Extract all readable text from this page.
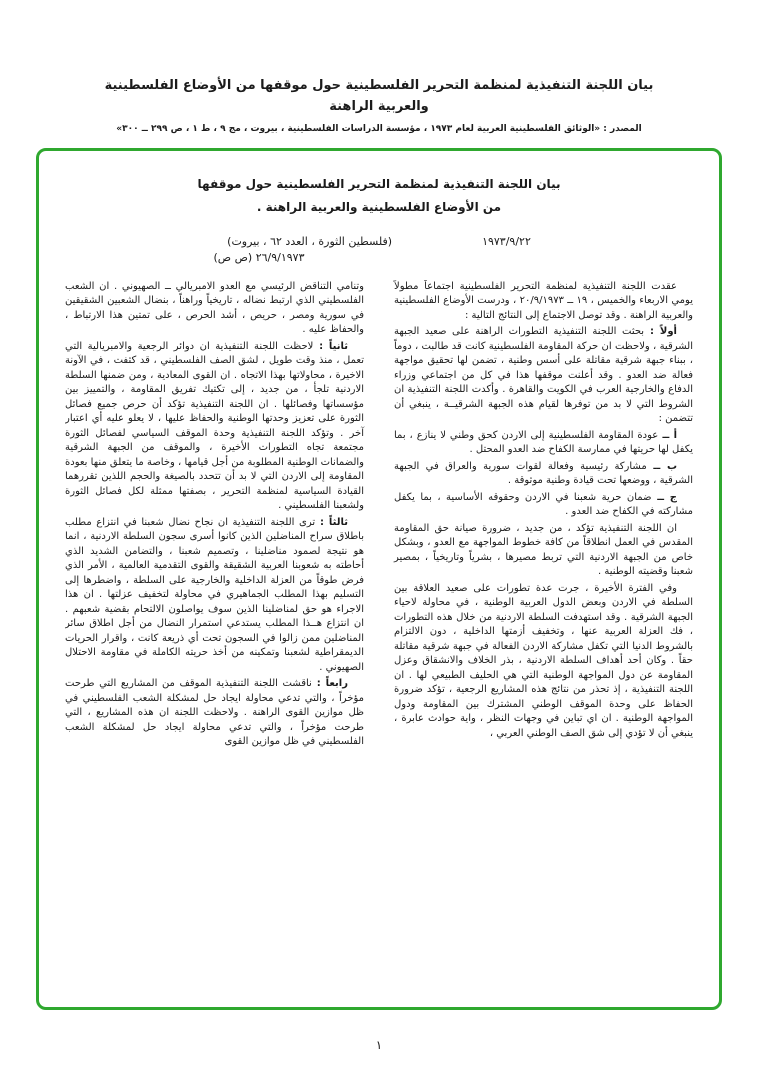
بيان اللجنة التنفيذية لمنظمة التحرير الفلسطينية حول موقفها من الأوضاع الفلسطينية والعربية الراهنة
المصدر : «الوثائق الفلسطينية العربية لعام ١٩٧٣ ، مؤسسة الدراسات الفلسطينية ، بيروت ، مج ٩ ، ط ١ ، ص ٢٩٩ ــ ٣٠٠»
بيان اللجنة التنفيذية لمنظمة التحرير الفلسطينية حول موقفها
من الأوضاع الفلسطينية والعربية الراهنة .
١٩٧٣/٩/٢٢
(فلسطين الثورة ، العدد ٦٢ ، بيروت)
٢٦/٩/١٩٧٣ (ص ص)

عقدت اللجنة التنفيذية لمنظمة التحرير الفلسطينية اجتماعاً مطولاً يومي الاربعاء والخميس ، ١٩ ــ ٢٠/٩/١٩٧٣ ، ودرست الأوضاع الفلسطينية والعربية الراهنة . وقد توصل الاجتماع إلى النتائج التالية :

أولاً : بحثت اللجنة التنفيذية التطورات الراهنة على صعيد الجبهة الشرقية ، ولاحظت ان حركة المقاومة الفلسطينية كانت قد طالبت ، دوماً ، ببناء جبهة شرقية مقاتلة على أسس وطنية ، تضمن لها تحقيق مواجهة فعالة ضد العدو . وقد أعلنت موقفها هذا في كل من اجتماعي وزراء الدفاع والخارجية العرب في الكويت والقاهرة . وأكدت اللجنة التنفيذية ان الشروط التي لا بد من توفرها لقيام هذه الجبهة الشرقيــة ، ينبغي أن تتضمن :

أ ــ عودة المقاومة الفلسطينية إلى الاردن كحق وطني لا ينازع ، بما يكفل لها حريتها في ممارسة الكفاح ضد العدو المحتل .

ب ــ مشاركة رئيسية وفعالة لقوات سورية والعراق في الجبهة الشرقية ، ووضعها تحت قيادة وطنية موثوقة .

ج ــ ضمان حرية شعبنا في الاردن وحقوقه الأساسية ، بما يكفل مشاركته في الكفاح ضد العدو .

ان اللجنة التنفيذية تؤكد ، من جديد ، ضرورة صيانة حق المقاومة المقدس في العمل انطلاقاً من كافة خطوط المواجهة مع العدو ، وبشكل خاص من الجبهة الاردنية التي تربط مصيرها ، بشرياً وتاريخياً ، بمصير شعبنا وقضيته الوطنية .

وفي الفترة الأخيرة ، جرت عدة تطورات على صعيد العلاقة بين السلطة في الاردن وبعض الدول العربية الوطنية ، في محاولة لاحياء الجبهة الشرقية . وقد استهدفت السلطة الاردنية من خلال هذه التطورات ، فك العزلة العربية عنها ، وتخفيف أزمتها الداخلية ، دون الالتزام بالشروط الدنيا التي تكفل مشاركة الاردن الفعالة في جبهة شرقية مقاتلة حقاً . وكان أحد أهداف السلطة الاردنية ، بذر الخلاف والانشقاق وعزل المقاومة عن دول المواجهة الوطنية التي هي الحليف الطبيعي لها . ان اللجنة التنفيذية ، إذ تحذر من نتائج هذه المشاريع الرجعية ، تؤكد ضرورة الحفاظ على وحدة الموقف الوطني المشترك بين المقاومة ودول المواجهة الوطنية . ان اي تباين في وجهات النظر ، واية حوادث عابرة ، ينبغي أن لا تؤدي إلى شق الصف الوطني العربي ،

وتنامي التناقض الرئيسي مع العدو الامبريالي ــ الصهيوني . ان الشعب الفلسطيني الذي ارتبط نضاله ، تاريخياً وراهناً ، بنضال الشعبين الشقيقين في سورية ومصر ، حريص ، أشد الحرص ، على تمتين هذا الارتباط ، والحفاظ عليه .

ثانياً : لاحظت اللجنة التنفيذية ان دوائر الرجعية والامبريالية التي تعمل ، منذ وقت طويل ، لشق الصف الفلسطيني ، قد كثفت ، في الآونة الاخيرة ، محاولاتها بهذا الاتجاه . ان القوى المعادية ، ومن ضمنها السلطة الاردنية تلجأ ، من جديد ، إلى تكتيك تفريق المقاومة ، والتمييز بين مؤسساتها وفصائلها . ان اللجنة التنفيذية تؤكد أن حرص جميع فصائل الثورة على تعزيز وحدتها الوطنية والحفاظ عليها ، لا يعلو عليه أي اعتبار آخر . وتؤكد اللجنة التنفيذية وحدة الموقف السياسي لفصائل الثورة مجتمعة تجاه التطورات الأخيرة ، والموقف من الجبهة الشرقية والضمانات الوطنية المطلوبة من أجل قيامها ، وخاصة ما يتعلق منها بعودة المقاومة إلى الاردن التي لا بد أن تتحدد بالصيغة والحجم اللذين تقررهما القيادة السياسية لمنظمة التحرير ، بصفتها ممثلة لكل فصائل الثورة ولشعبنا الفلسطيني .

ثالثاً : ترى اللجنة التنفيذية ان نجاح نضال شعبنا في انتزاع مطلب باطلاق سراح المناضلين الذين كانوا أسرى سجون السلطة الاردنية ، انما هو نتيجة لصمود مناضلينا ، وتصميم شعبنا ، والتضامن الشديد الذي أحاطته به شعوبنا العربية الشقيقة والقوى التقدمية العالمية ، الأمر الذي فرض طوقاً من العزلة الداخلية والخارجية على السلطة ، واضطرها إلى التسليم بهذا المطلب الجماهيري في محاولة لتخفيف عزلتها . ان هذا الاجراء هو حق لمناضلينا الذين سوف يواصلون الالتحام بقضية شعبهم . ان انتزاع هــذا المطلب يستدعي استمرار النضال من أجل اطلاق سائر المناضلين ممن زالوا في السجون تحت أي ذريعة كانت ، واقرار الحريات الديمقراطية لشعبنا وتمكينه من أخذ حريته الكاملة في مقاومة الاحتلال الصهيوني .

رابعاً : ناقشت اللجنة التنفيذية الموقف من المشاريع التي طرحت مؤخراً ، والتي تدعي محاولة ايجاد حل لمشكلة الشعب الفلسطيني في ظل موازين القوى الراهنة . ولاحظت اللجنة ان هذه المشاريع ، التي طرحت مؤخراً ، والتي تدعي محاولة ايجاد حل لمشكلة الشعب الفلسطيني في ظل موازين القوى

١
